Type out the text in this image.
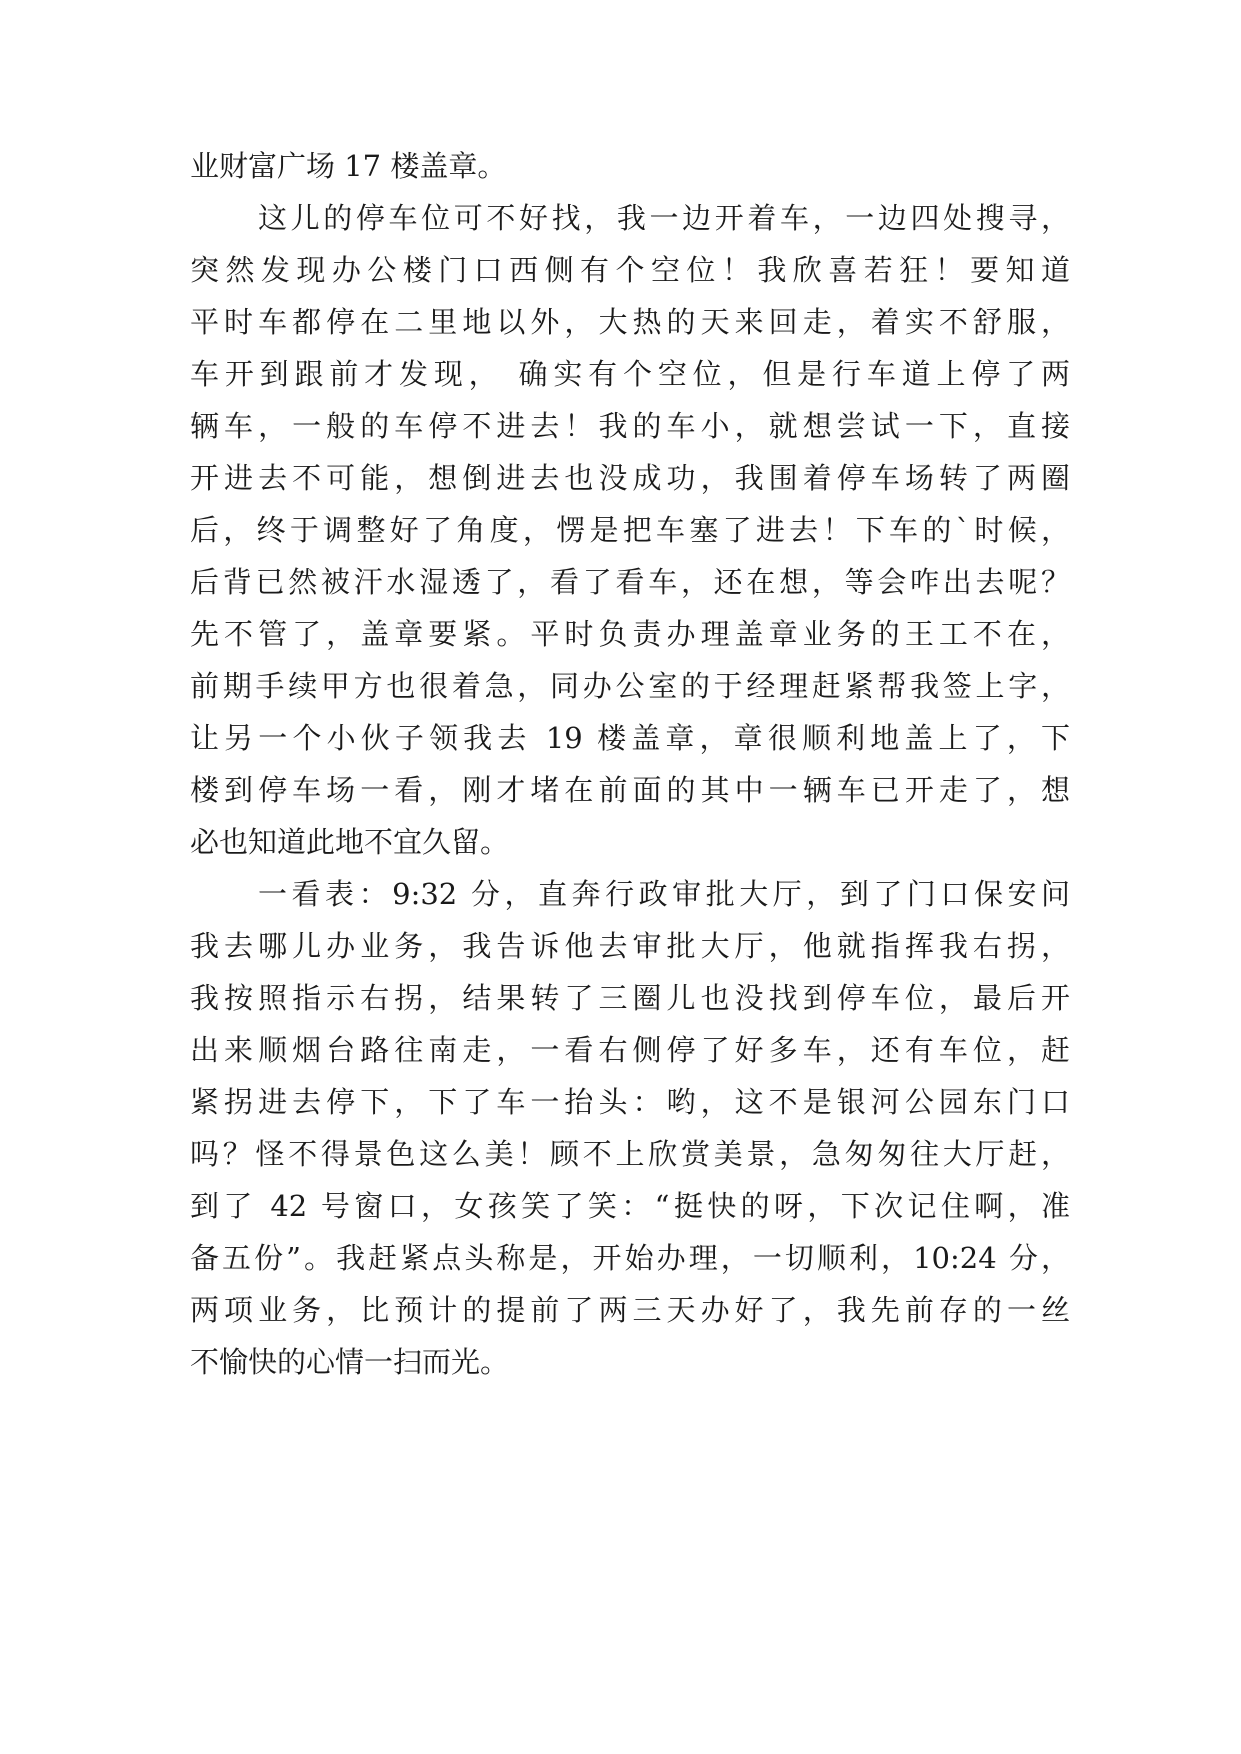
业财富广场 17 楼盖章。
这儿的停车位可不好找，我一边开着车，一边四处搜寻，
突然发现办公楼门口西侧有个空位！我欣喜若狂！要知道
平时车都停在二里地以外，大热的天来回走，着实不舒服，
车开到跟前才发现， 确实有个空位，但是行车道上停了两
辆车，一般的车停不进去！我的车小，就想尝试一下，直接
开进去不可能，想倒进去也没成功，我围着停车场转了两圈
后，终于调整好了角度，愣是把车塞了进去！下车的`时候，
后背已然被汗水湿透了，看了看车，还在想，等会咋出去呢？
先不管了，盖章要紧。平时负责办理盖章业务的王工不在，
前期手续甲方也很着急，同办公室的于经理赶紧帮我签上字，
让另一个小伙子领我去 19 楼盖章，章很顺利地盖上了，下
楼到停车场一看，刚才堵在前面的其中一辆车已开走了，想
必也知道此地不宜久留。
一看表：9:32 分，直奔行政审批大厅，到了门口保安问
我去哪儿办业务，我告诉他去审批大厅，他就指挥我右拐，
我按照指示右拐，结果转了三圈儿也没找到停车位，最后开
出来顺烟台路往南走，一看右侧停了好多车，还有车位，赶
紧拐进去停下，下了车一抬头：哟，这不是银河公园东门口
吗？怪不得景色这么美！顾不上欣赏美景，急匆匆往大厅赶，
到了 42 号窗口，女孩笑了笑：“挺快的呀，下次记住啊，准
备五份”。我赶紧点头称是，开始办理，一切顺利，10:24 分，
两项业务，比预计的提前了两三天办好了，我先前存的一丝
不愉快的心情一扫而光。
